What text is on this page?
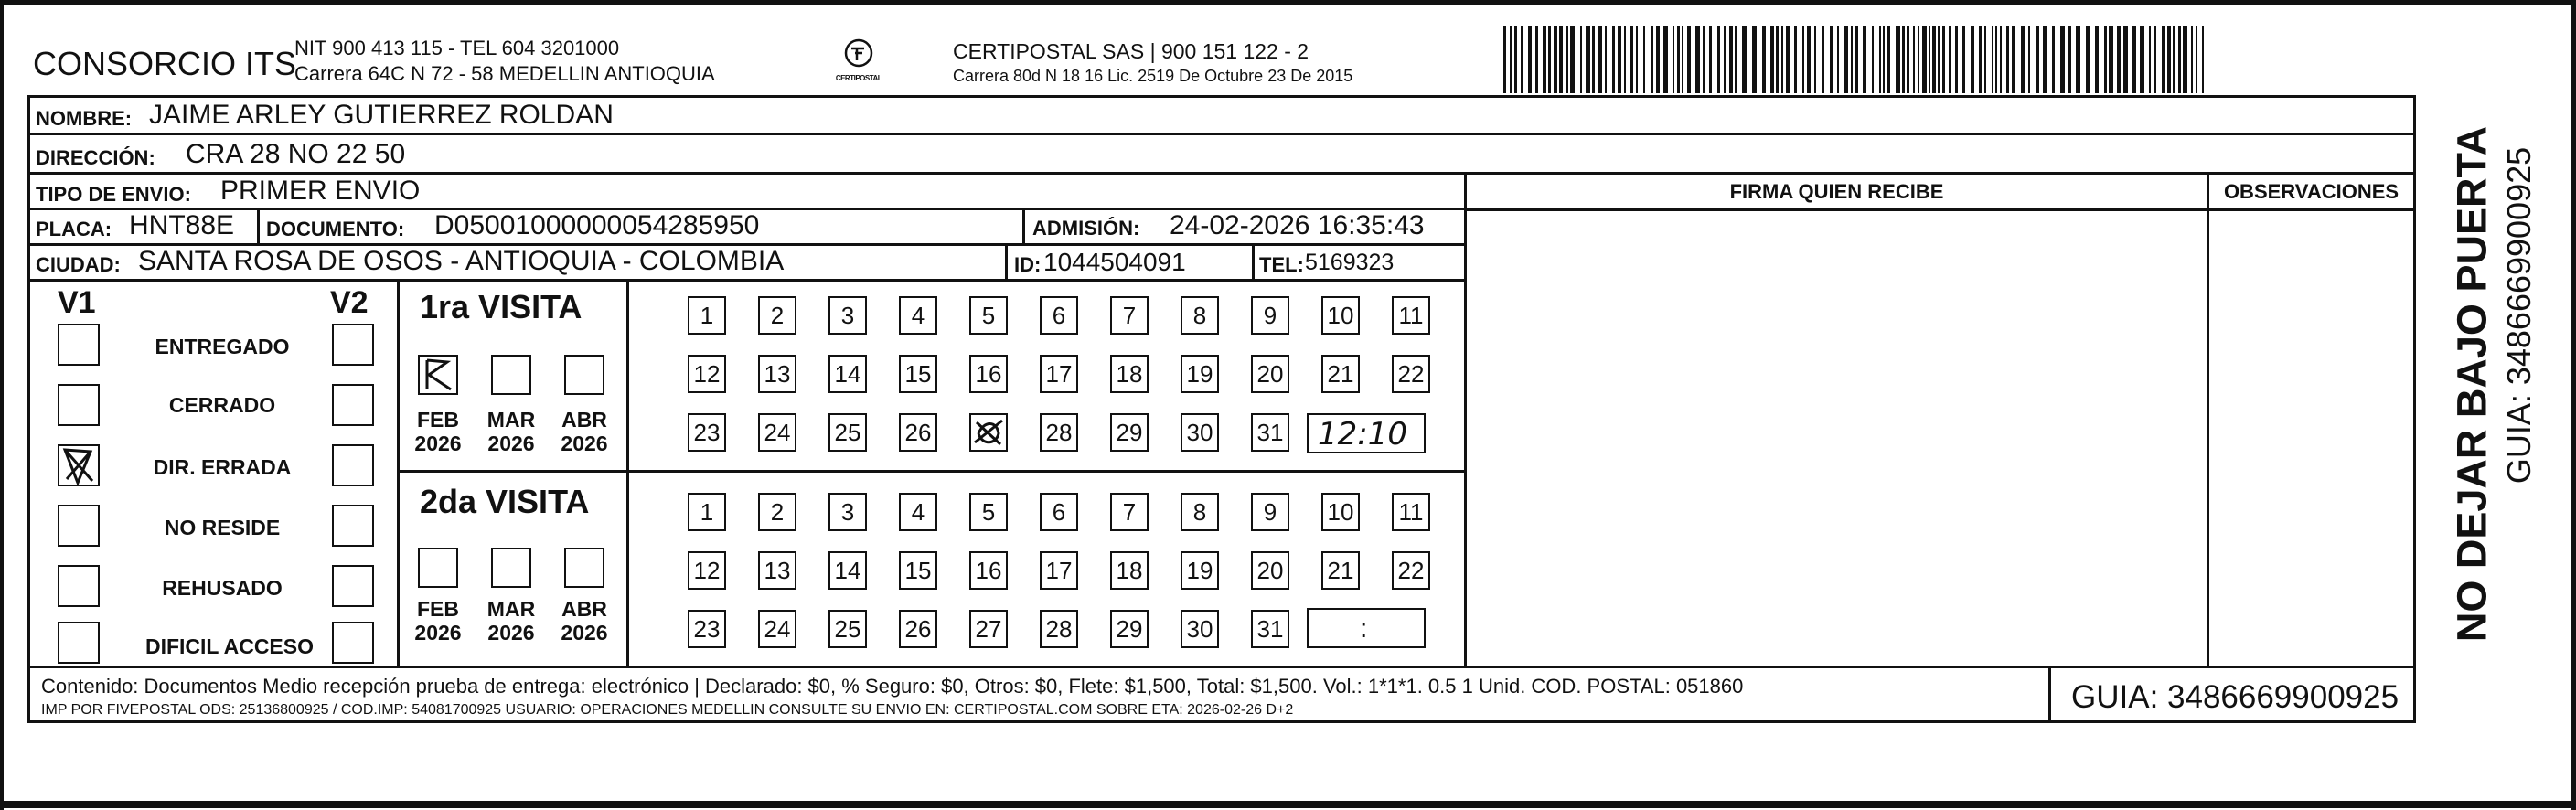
CONSORCIO ITS
NIT 900 413 115 - TEL 604 3201000
Carrera 64C N 72 - 58 MEDELLIN ANTIOQUIA	CERTIPOSTAL
CERTIPOSTAL SAS | 900 151 122 - 2
Carrera 80d N 18 16 Lic. 2519 De Octubre 23 De 2015
NOMBRE: JAIME ARLEY GUTIERREZ ROLDAN
DIRECCIÓN: CRA 28 NO 22 50
TIPO DE ENVIO: PRIMER ENVIO
PLACA: HNT88E DOCUMENTO: D05001000000054285950	ADMISIÓN: 24-02-2026 16:35:43
CIUDAD: SANTA ROSA DE OSOS - ANTIOQUIA - COLOMBIA	ID: 1044504091	TEL: 5169323
FIRMA QUIEN RECIBE	OBSERVACIONES
V1	V2
ENTREGADO
CERRADO
DIR. ERRADA
NO RESIDE
REHUSADO
DIFICIL ACCESO
1ra VISITA
FEB
2026
MAR
2026
ABR
2026
1	2	3	4	5	6	7	8	9	10 11
12 13 14 15 16 17 18 19 20 21 22
23 24 25 26	28 29 30 31 12:10
2da VISITA
FEB
2026
MAR
2026
ABR
2026
1	2	3	4	5	6	7	8	9	10 11
12 13 14 15 16 17 18 19 20 21 22
23 24 25 26 27 28 29 30 31	:
Contenido: Documentos Medio recepción prueba de entrega: electrónico | Declarado: $0, % Seguro: $0, Otros: $0, Flete: $1,500, Total: $1,500. Vol.: 1*1*1. 0.5 1 Unid. COD. POSTAL: 051860
IMP POR FIVEPOSTAL ODS: 25136800925 / COD.IMP: 54081700925 USUARIO: OPERACIONES MEDELLIN CONSULTE SU ENVIO EN: CERTIPOSTAL.COM SOBRE ETA: 2026-02-26 D+2	GUIA: 3486669900925
NO DEJAR BAJO PUERTA GUIA: 3486669900925
